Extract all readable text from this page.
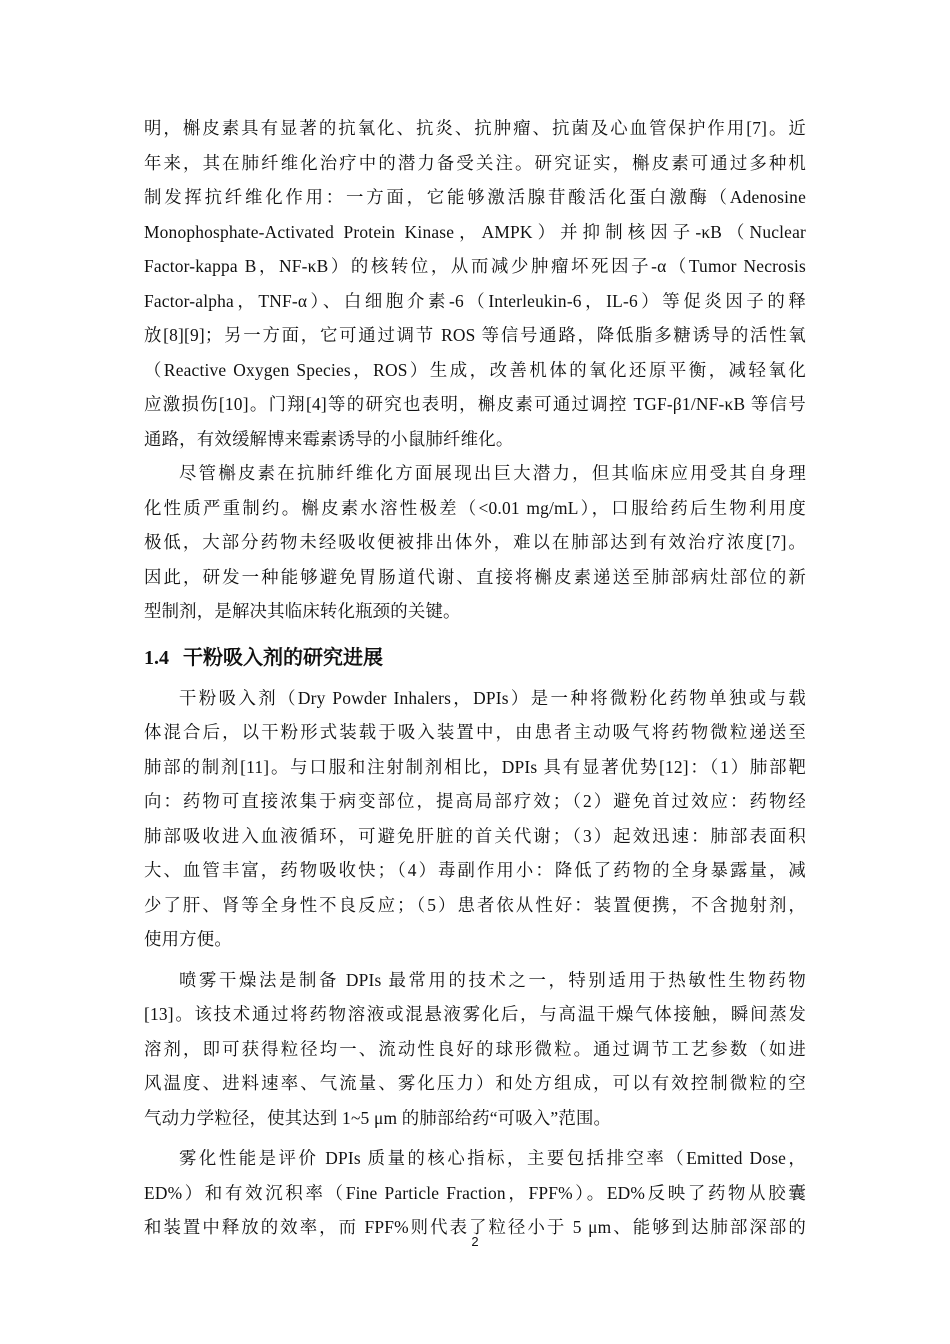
明，槲皮素具有显著的抗氧化、抗炎、抗肿瘤、抗菌及心血管保护作用[7]。近
年来，其在肺纤维化治疗中的潜力备受关注。研究证实，槲皮素可通过多种机
制发挥抗纤维化作用：一方面，它能够激活腺苷酸活化蛋白激酶（Adenosine
Monophosphate-Activated Protein Kinase，AMPK）并抑制核因子-κB（Nuclear
Factor-kappa B，NF-κB）的核转位，从而减少肿瘤坏死因子-α（Tumor Necrosis
Factor-alpha，TNF-α）、白细胞介素-6（Interleukin-6，IL-6）等促炎因子的释
放[8][9]；另一方面，它可通过调节 ROS 等信号通路，降低脂多糖诱导的活性氧
（Reactive Oxygen Species，ROS）生成，改善机体的氧化还原平衡，减轻氧化
应激损伤[10]。门翔[4]等的研究也表明，槲皮素可通过调控 TGF-β1/NF-κB 等信号
通路，有效缓解博来霉素诱导的小鼠肺纤维化。
尽管槲皮素在抗肺纤维化方面展现出巨大潜力，但其临床应用受其自身理
化性质严重制约。槲皮素水溶性极差（<0.01 mg/mL），口服给药后生物利用度
极低，大部分药物未经吸收便被排出体外，难以在肺部达到有效治疗浓度[7]。
因此，研发一种能够避免胃肠道代谢、直接将槲皮素递送至肺部病灶部位的新
型制剂，是解决其临床转化瓶颈的关键。
1.4 干粉吸入剂的研究进展
干粉吸入剂（Dry Powder Inhalers，DPIs）是一种将微粉化药物单独或与载
体混合后，以干粉形式装载于吸入装置中，由患者主动吸气将药物微粒递送至
肺部的制剂[11]。与口服和注射制剂相比，DPIs 具有显著优势[12]：（1）肺部靶
向：药物可直接浓集于病变部位，提高局部疗效；（2）避免首过效应：药物经
肺部吸收进入血液循环，可避免肝脏的首关代谢；（3）起效迅速：肺部表面积
大、血管丰富，药物吸收快；（4）毒副作用小：降低了药物的全身暴露量，减
少了肝、肾等全身性不良反应；（5）患者依从性好：装置便携，不含抛射剂，
使用方便。
喷雾干燥法是制备 DPIs 最常用的技术之一，特别适用于热敏性生物药物
[13]。该技术通过将药物溶液或混悬液雾化后，与高温干燥气体接触，瞬间蒸发
溶剂，即可获得粒径均一、流动性良好的球形微粒。通过调节工艺参数（如进
风温度、进料速率、气流量、雾化压力）和处方组成，可以有效控制微粒的空
气动力学粒径，使其达到 1~5 μm 的肺部给药“可吸入”范围。
雾化性能是评价 DPIs 质量的核心指标，主要包括排空率（Emitted Dose，
ED%）和有效沉积率（Fine Particle Fraction，FPF%）。ED%反映了药物从胶囊
和装置中释放的效率，而 FPF%则代表了粒径小于 5 μm、能够到达肺部深部的
2
